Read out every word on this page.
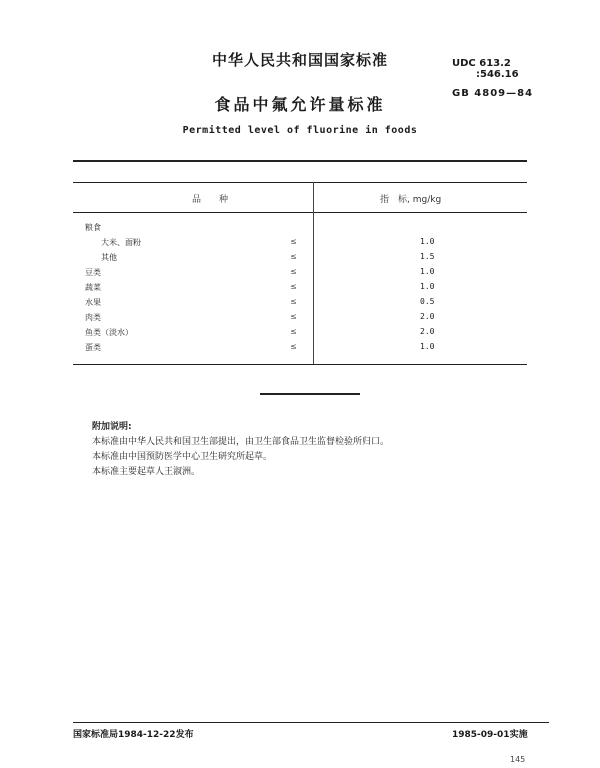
中华人民共和国国家标准	UDC 613.2
:546.16
食品中氟允许量标准
GB 4809—84
Permitted level of fluorine in foods
品　　种	指　标, mg/kg
粮食
大米、面粉	≤	1.0
其他	≤	1.5
豆类	≤	1.0
蔬菜	≤	1.0
水果	≤	0.5
肉类	≤	2.0
鱼类（淡水）	≤	2.0
蛋类	≤	1.0
附加说明:
本标准由中华人民共和国卫生部提出，由卫生部食品卫生监督检验所归口。
本标准由中国预防医学中心卫生研究所起草。
本标准主要起草人王淑洲。
国家标准局1984-12-22发布	1985-09-01实施
145
